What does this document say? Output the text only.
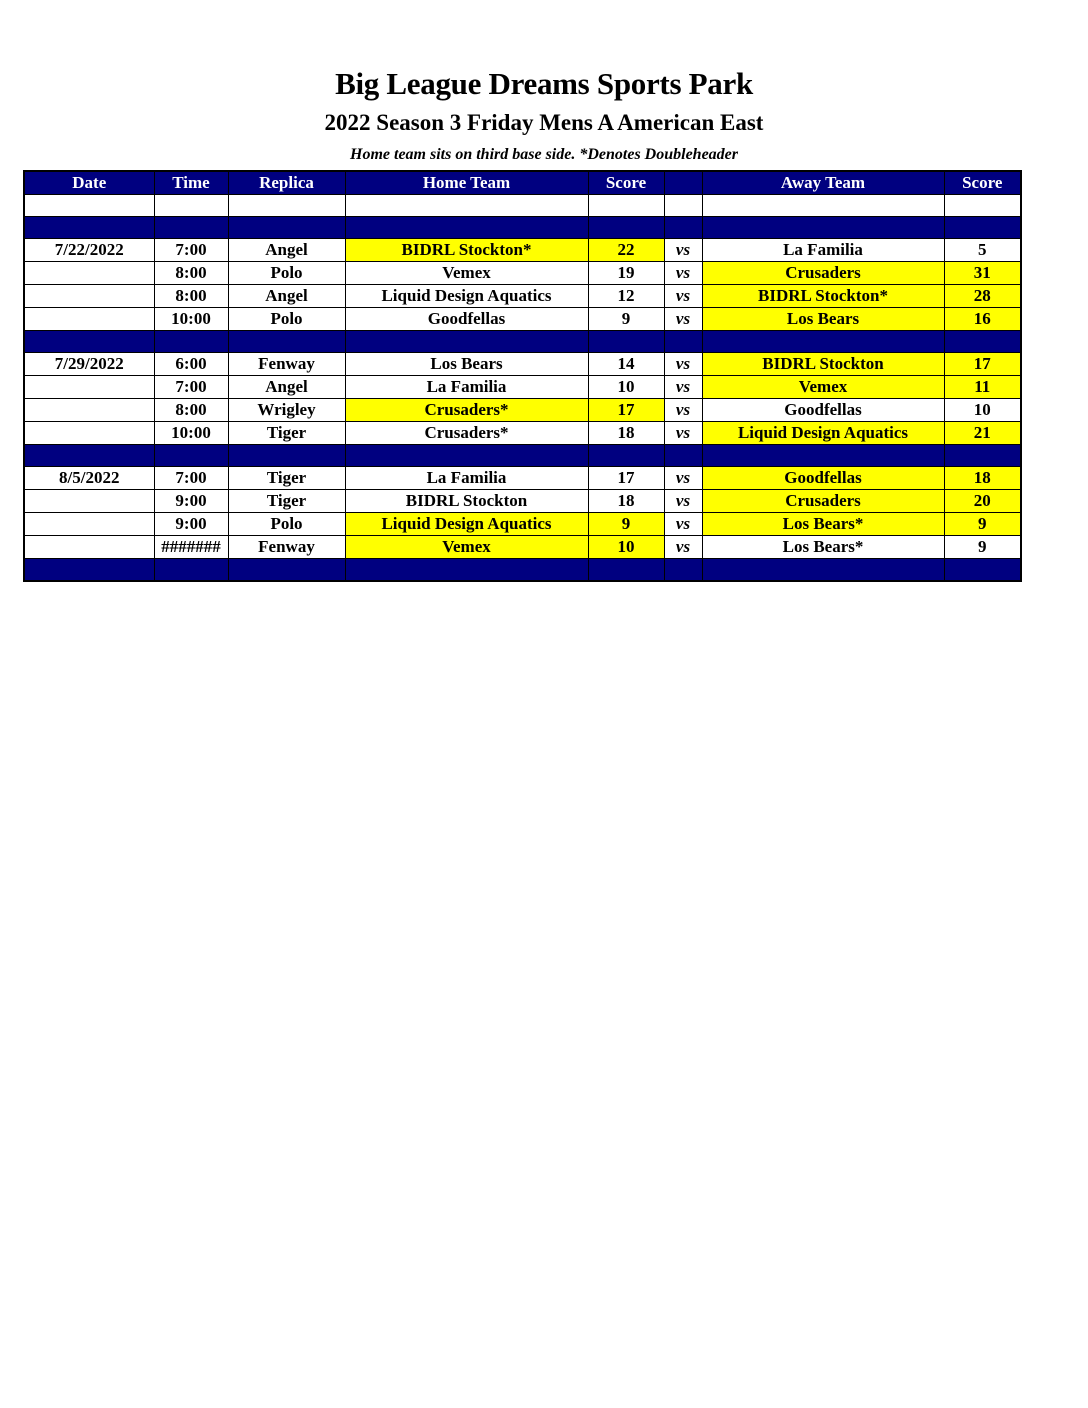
Big League Dreams Sports Park
2022 Season 3 Friday Mens A American East
Home team sits on third base side. *Denotes Doubleheader
Date	Time	Replica	Home Team	Score		Away Team	Score

7/22/2022	7:00	Angel	BIDRL Stockton*	22	vs	La Familia	5
	8:00	Polo	Vemex	19	vs	Crusaders	31
	8:00	Angel	Liquid Design Aquatics	12	vs	BIDRL Stockton*	28
	10:00	Polo	Goodfellas	9	vs	Los Bears	16

7/29/2022	6:00	Fenway	Los Bears	14	vs	BIDRL Stockton	17
	7:00	Angel	La Familia	10	vs	Vemex	11
	8:00	Wrigley	Crusaders*	17	vs	Goodfellas	10
	10:00	Tiger	Crusaders*	18	vs	Liquid Design Aquatics	21

8/5/2022	7:00	Tiger	La Familia	17	vs	Goodfellas	18
	9:00	Tiger	BIDRL Stockton	18	vs	Crusaders	20
	9:00	Polo	Liquid Design Aquatics	9	vs	Los Bears*	9
	#######	Fenway	Vemex	10	vs	Los Bears*	9
